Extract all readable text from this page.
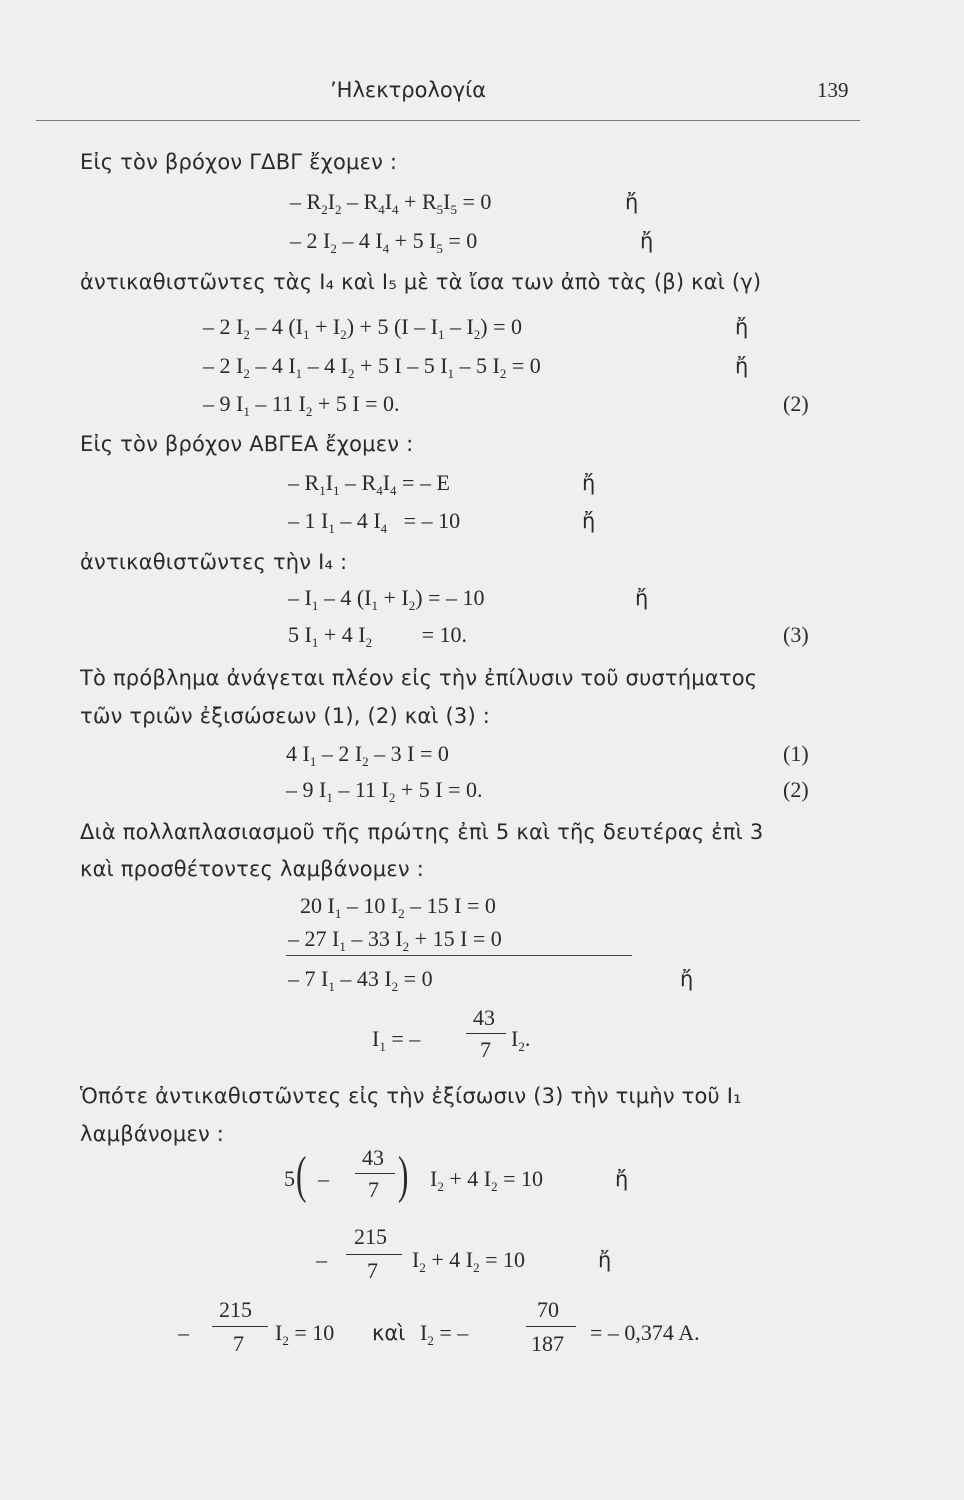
’Ηλεκτρολογία	139
Εἰς τὸν βρόχον ΓΔΒΓ ἔχομεν :
– $R_2I_2 - R_4I_4 + R_5I_5 = 0$	ἤ
– 2 $I_2 - 4$ $I_4 + 5$ $I_5 = 0$	ἤ
ἀντικαθιστῶντες τὰς I₄ καὶ I₅ μὲ τὰ ἴσα των ἀπὸ τὰς (β) καὶ (γ)
– 2 $I_2 - 4$ $(I_1 + I_2) + 5$ $(I - I_1 - I_2) = 0$	ἤ
– 2 $I_2 - 4$ $I_1 - 4$ $I_2 + 5$ I – 5 $I_1 - 5$ $I_2 = 0$	ἤ
– 9 $I_1 - 11$ $I_2 + 5$ I = 0.	(2)
Εἰς τὸν βρόχον ΑΒΓΕΑ ἔχομεν :
– $R_1I_1 - R_4I_4$ = – E	ἤ
– 1 $I_1 - 4$ $I_4$   = – 10	ἤ
ἀντικαθιστῶντες τὴν I₄ :
– $I_1 - 4$ $(I_1 + I_2)$ = – 10	ἤ
5 $I_1 + 4$ $I_2$         = 10.	(3)
Τὸ πρόβλημα ἀνάγεται πλέον εἰς τὴν ἐπίλυσιν τοῦ συστήματος
τῶν τριῶν ἐξισώσεων (1), (2) καὶ (3) :
4 $I_1 - 2$ $I_2 - 3$ I = 0	(1)
– 9 $I_1 - 11$ $I_2 + 5$ I = 0.	(2)
Διὰ πολλαπλασιασμοῦ τῆς πρώτης ἐπὶ 5 καὶ τῆς δευτέρας ἐπὶ 3
καὶ προσθέτοντες λαμβάνομεν :
20 $I_1 - 10$ $I_2 - 15$ I = 0
– 27 $I_1 - 33$ $I_2 + 15$ I = 0
– 7 $I_1 - 43$ $I_2 = 0$	ἤ
$I_1$ = –
43
7 $I_2$.
Ὁπότε ἀντικαθιστῶντες εἰς τὴν ἐξίσωσιν (3) τὴν τιμὴν τοῦ I₁
λαμβάνομεν :
5 ( –
43
7 ) $I_2 + 4$ $I_2 = 10$	ἤ
–
215
7 $I_2 + 4$ $I_2 = 10$	ἤ
–
215
7 $I_2 = 10$ καὶ $I_2$ = –
70
187 = – 0,374 A.
